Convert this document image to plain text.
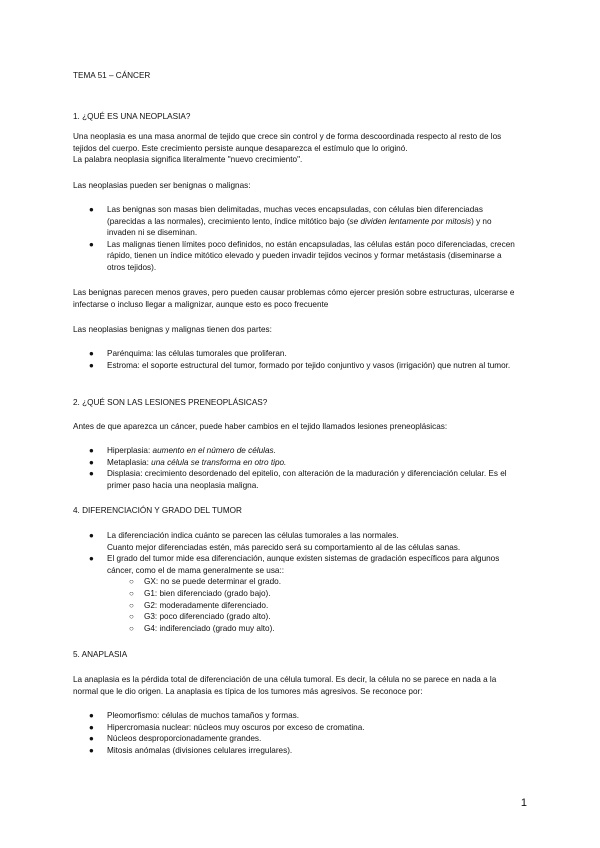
TEMA 51 – CÁNCER
1. ¿QUÉ ES UNA NEOPLASIA?
Una neoplasia es una masa anormal de tejido que crece sin control y de forma descoordinada respecto al resto de los tejidos del cuerpo. Este crecimiento persiste aunque desaparezca el estímulo que lo originó.
La palabra neoplasia significa literalmente "nuevo crecimiento".
Las neoplasias pueden ser benignas o malignas:
● Las benignas son masas bien delimitadas, muchas veces encapsuladas, con células bien diferenciadas (parecidas a las normales), crecimiento lento, índice mitótico bajo (se dividen lentamente por mitosis) y no invaden ni se diseminan.
● Las malignas tienen límites poco definidos, no están encapsuladas, las células están poco diferenciadas, crecen rápido, tienen un índice mitótico elevado y pueden invadir tejidos vecinos y formar metástasis (diseminarse a otros tejidos).
Las benignas parecen menos graves, pero pueden causar problemas cómo ejercer presión sobre estructuras, ulcerarse e infectarse o incluso llegar a malignizar, aunque esto es poco frecuente
Las neoplasias benignas y malignas tienen dos partes:
● Parénquima: las células tumorales que proliferan.
● Estroma: el soporte estructural del tumor, formado por tejido conjuntivo y vasos (irrigación) que nutren al tumor.
2. ¿QUÉ SON LAS LESIONES PRENEOPLÁSICAS?
Antes de que aparezca un cáncer, puede haber cambios en el tejido llamados lesiones preneoplásicas:
● Hiperplasia: aumento en el número de células.
● Metaplasia: una célula se transforma en otro tipo.
● Displasia: crecimiento desordenado del epitelio, con alteración de la maduración y diferenciación celular. Es el primer paso hacia una neoplasia maligna.
4. DIFERENCIACIÓN Y GRADO DEL TUMOR
● La diferenciación indica cuánto se parecen las células tumorales a las normales.
Cuanto mejor diferenciadas estén, más parecido será su comportamiento al de las células sanas.
● El grado del tumor mide esa diferenciación, aunque existen sistemas de gradación específicos para algunos cáncer, como el de mama generalmente se usa::
○ GX: no se puede determinar el grado.
○ G1: bien diferenciado (grado bajo).
○ G2: moderadamente diferenciado.
○ G3: poco diferenciado (grado alto).
○ G4: indiferenciado (grado muy alto).
5. ANAPLASIA
La anaplasia es la pérdida total de diferenciación de una célula tumoral. Es decir, la célula no se parece en nada a la normal que le dio origen. La anaplasia es típica de los tumores más agresivos. Se reconoce por:
● Pleomorfismo: células de muchos tamaños y formas.
● Hipercromasia nuclear: núcleos muy oscuros por exceso de cromatina.
● Núcleos desproporcionadamente grandes.
● Mitosis anómalas (divisiones celulares irregulares).
1
